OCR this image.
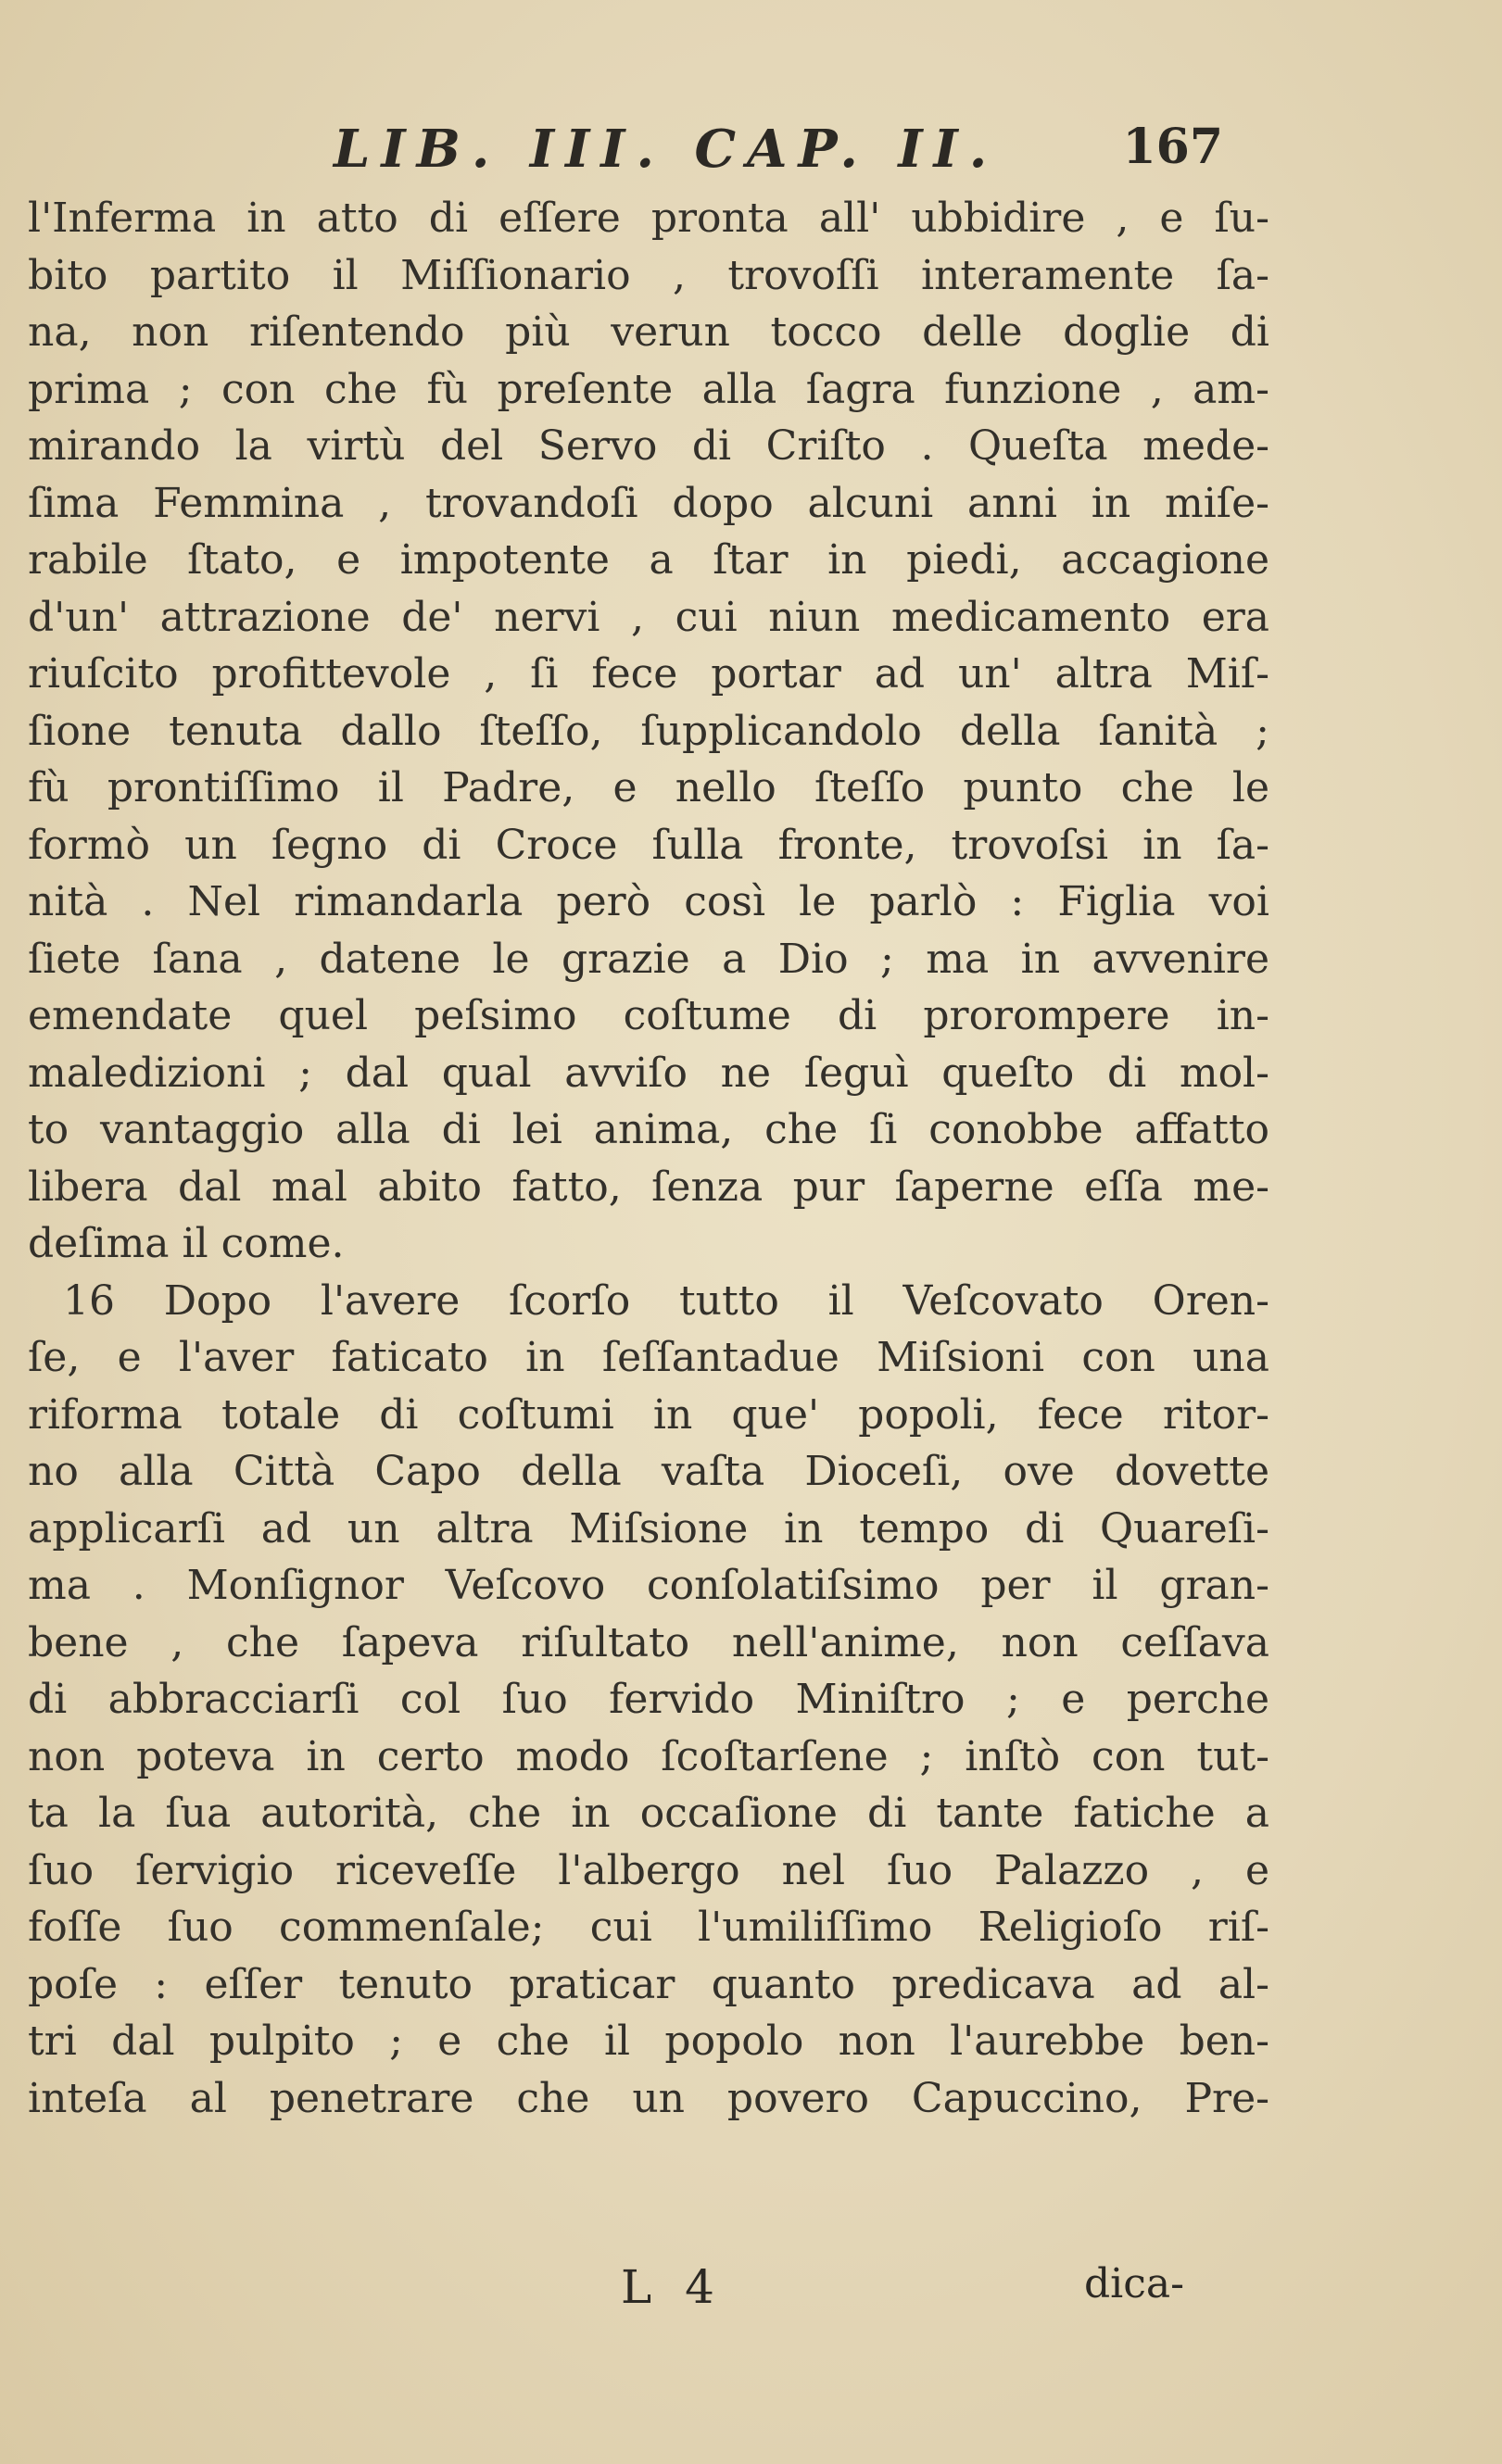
LIB. III. CAP. II.	167
l'Inferma in atto di eſſere pronta all' ubbidire , e ſu-
bito partito il Miſſionario , trovoſſi interamente ſa-
na, non riſentendo più verun tocco delle doglie di
prima ; con che fù preſente alla ſagra funzione , am-
mirando la virtù del Servo di Criſto . Queſta mede-
ſima Femmina , trovandoſi dopo alcuni anni in miſe-
rabile ſtato, e impotente a ſtar in piedi, accagione
d'un' attrazione de' nervi , cui niun medicamento era
riuſcito profittevole , ſi fece portar ad un' altra Miſ-
ſione tenuta dallo ſteſſo, ſupplicandolo della ſanità ;
fù prontiſſimo il Padre, e nello ſteſſo punto che le
formò un ſegno di Croce ſulla fronte, trovoſsi in ſa-
nità . Nel rimandarla però così le parlò : Figlia voi
ſiete ſana , datene le grazie a Dio ; ma in avvenire
emendate quel peſsimo coſtume di prorompere in-
maledizioni ; dal qual avviſo ne ſeguì queſto di mol-
to vantaggio alla di lei anima, che ſi conobbe affatto
libera dal mal abito fatto, ſenza pur ſaperne eſſa me-
deſima il come.
16 Dopo l'avere ſcorſo tutto il Veſcovato Oren-
ſe, e l'aver faticato in ſeſſantadue Miſsioni con una
riforma totale di coſtumi in que' popoli, fece ritor-
no alla Città Capo della vaſta Dioceſi, ove dovette
applicarſi ad un altra Miſsione in tempo di Quareſi-
ma . Monſignor Veſcovo conſolatiſsimo per il gran-
bene , che ſapeva riſultato nell'anime, non ceſſava
di abbracciarſi col ſuo fervido Miniſtro ; e perche
non poteva in certo modo ſcoſtarſene ; inſtò con tut-
ta la ſua autorità, che in occaſione di tante fatiche a
ſuo ſervigio riceveſſe l'albergo nel ſuo Palazzo , e
foſſe ſuo commenſale; cui l'umiliſſimo Religioſo riſ-
poſe : eſſer tenuto praticar quanto predicava ad al-
tri dal pulpito ; e che il popolo non l'aurebbe ben-
inteſa al penetrare che un povero Capuccino, Pre-
L 4	dica-
